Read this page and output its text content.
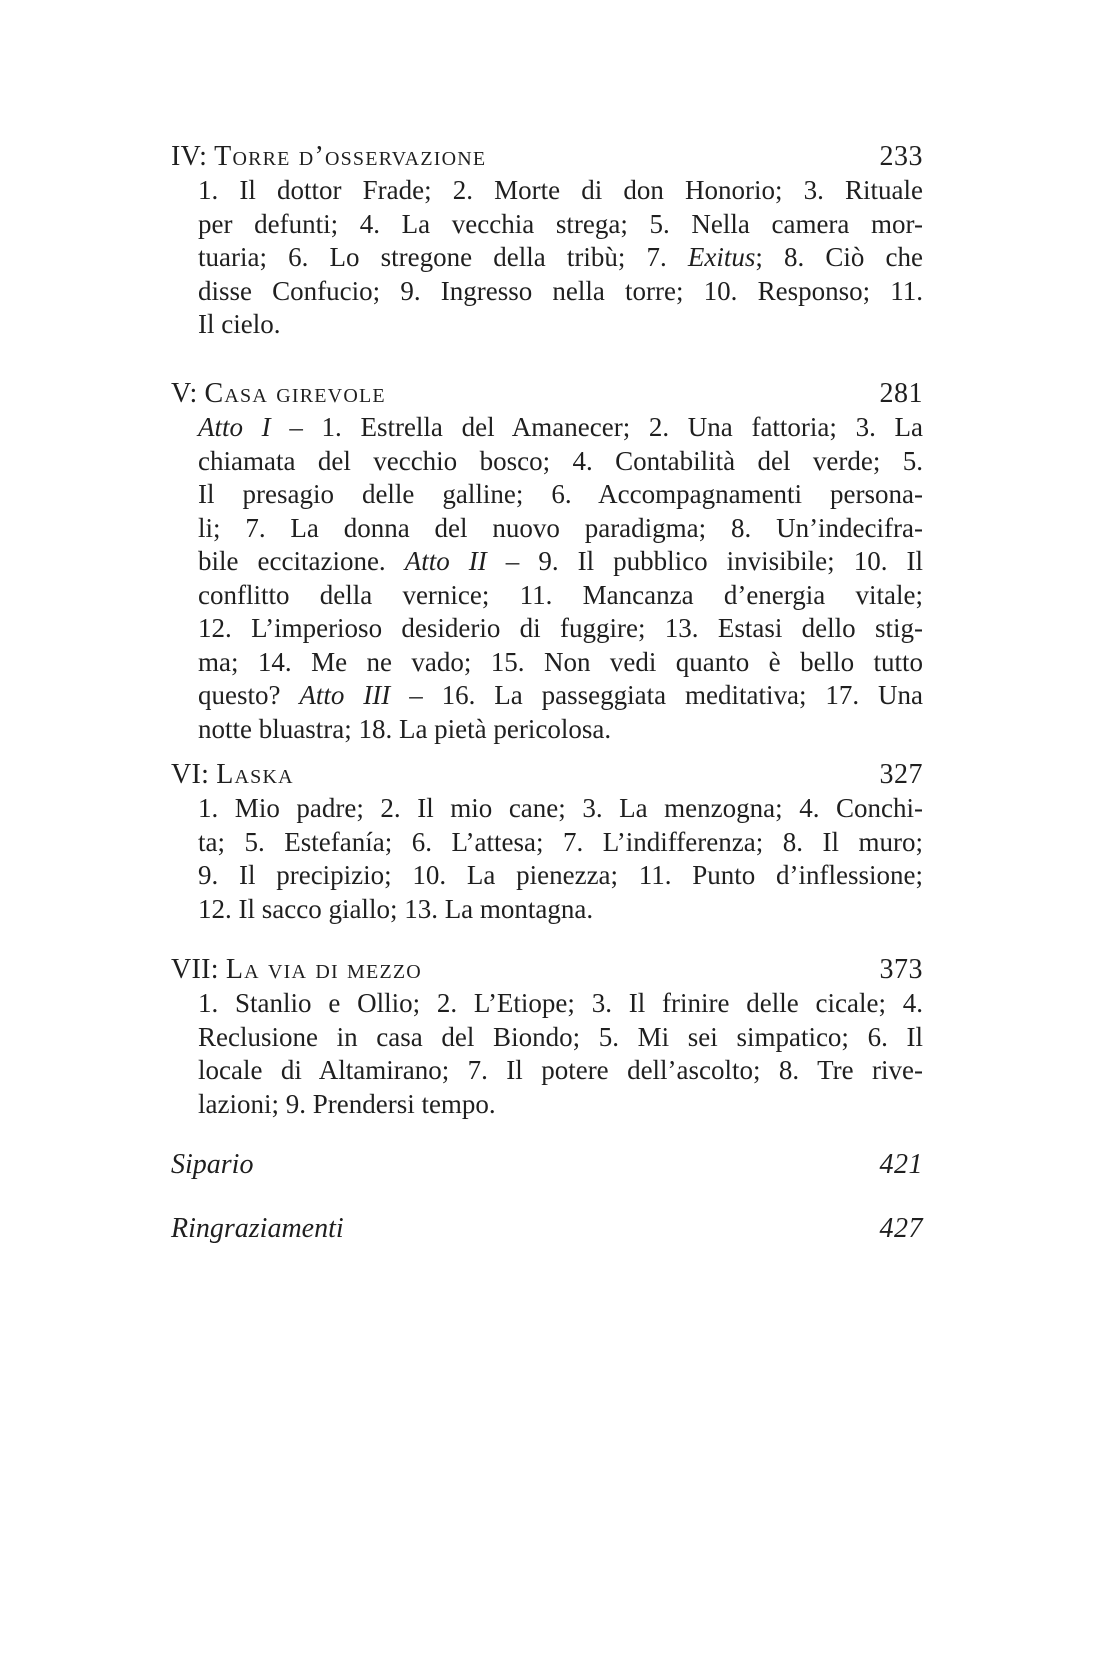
IV: Torre d’osservazione	233
1. Il dottor Frade; 2. Morte di don Honorio; 3. Rituale
per defunti; 4. La vecchia strega; 5. Nella camera mor-
tuaria; 6. Lo stregone della tribù; 7. Exitus; 8. Ciò che
disse Confucio; 9. Ingresso nella torre; 10. Responso; 11.
Il cielo.
V: Casa girevole	281
Atto I – 1. Estrella del Amanecer; 2. Una fattoria; 3. La
chiamata del vecchio bosco; 4. Contabilità del verde; 5.
Il presagio delle galline; 6. Accompagnamenti persona-
li; 7. La donna del nuovo paradigma; 8. Un’indecifra-
bile eccitazione. Atto II – 9. Il pubblico invisibile; 10. Il
conflitto della vernice; 11. Mancanza d’energia vitale;
12. L’imperioso desiderio di fuggire; 13. Estasi dello stig-
ma; 14. Me ne vado; 15. Non vedi quanto è bello tutto
questo? Atto III – 16. La passeggiata meditativa; 17. Una
notte bluastra; 18. La pietà pericolosa.
VI: Laska	327
1. Mio padre; 2. Il mio cane; 3. La menzogna; 4. Conchi-
ta; 5. Estefanía; 6. L’attesa; 7. L’indifferenza; 8. Il muro;
9. Il precipizio; 10. La pienezza; 11. Punto d’inflessione;
12. Il sacco giallo; 13. La montagna.
VII: La via di mezzo	373
1. Stanlio e Ollio; 2. L’Etiope; 3. Il frinire delle cicale; 4.
Reclusione in casa del Biondo; 5. Mi sei simpatico; 6. Il
locale di Altamirano; 7. Il potere dell’ascolto; 8. Tre rive-
lazioni; 9. Prendersi tempo.
Sipario	421
Ringraziamenti	427
